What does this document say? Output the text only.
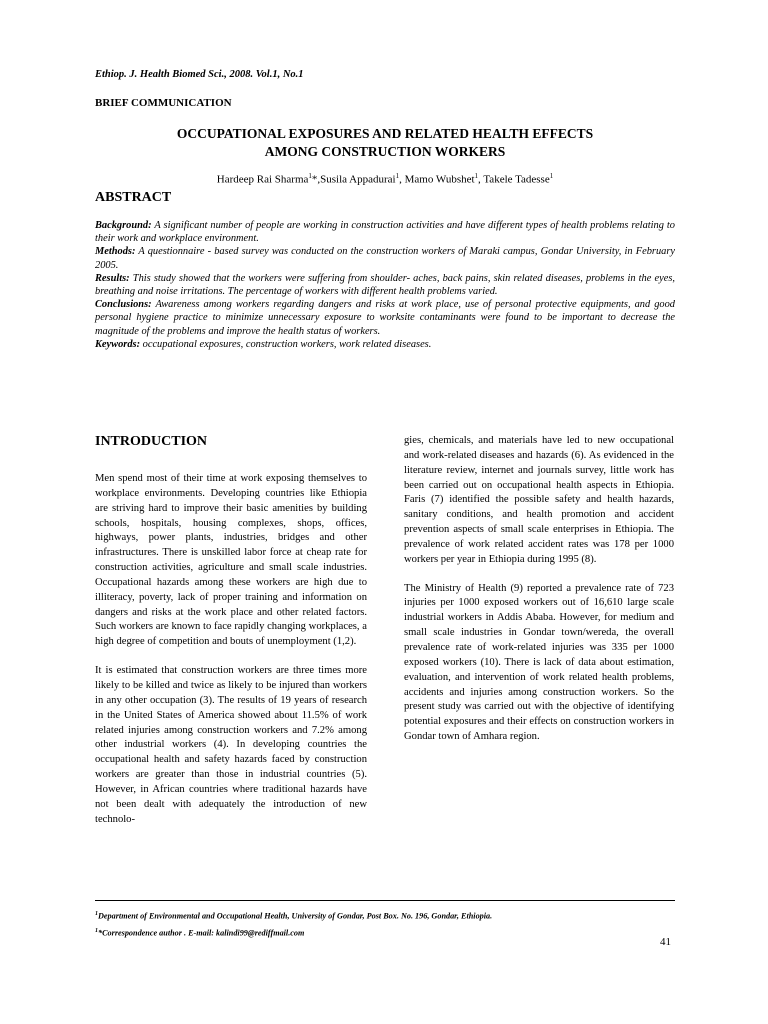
Ethiop. J. Health Biomed Sci., 2008. Vol.1, No.1
BRIEF COMMUNICATION
OCCUPATIONAL EXPOSURES AND RELATED HEALTH EFFECTS
AMONG CONSTRUCTION WORKERS
Hardeep Rai Sharma$^1$*,Susila Appadurai$^1$, Mamo Wubshet$^1$, Takele Tadesse$^1$
ABSTRACT
Background: A significant number of people are working in construction activities and have different types of health problems relating to their work and workplace environment.
Methods: A questionnaire - based survey was conducted on the construction workers of Maraki campus, Gondar University, in February 2005.
Results: This study showed that the workers were suffering from shoulder- aches, back pains, skin related diseases, problems in the eyes, breathing and noise irritations. The percentage of workers with different health problems varied.
Conclusions: Awareness among workers regarding dangers and risks at work place, use of personal protective equipments, and good personal hygiene practice to minimize unnecessary exposure to worksite contaminants were found to be important to decrease the magnitude of the problems and improve the health status of workers.
Keywords: occupational exposures, construction workers, work related diseases.
INTRODUCTION

Men spend most of their time at work exposing themselves to workplace environments. Developing countries like Ethiopia are striving hard to improve their basic amenities by building schools, hospitals, housing complexes, shops, offices, highways, power plants, industries, bridges and other infrastructures. There is unskilled labor force at cheap rate for construction activities, agriculture and small scale industries. Occupational hazards among these workers are high due to illiteracy, poverty, lack of proper training and information on dangers and risks at the work place and other related factors. Such workers are known to face rapidly changing workplaces, a high degree of competition and bouts of unemployment (1,2).

It is estimated that construction workers are three times more likely to be killed and twice as likely to be injured than workers in any other occupation (3). The results of 19 years of research in the United States of America showed about 11.5% of work related injuries among construction workers and 7.2% among other industrial workers (4). In developing countries the occupational health and safety hazards faced by construction workers are greater than those in industrial countries (5). However, in African countries where traditional hazards have not been dealt with adequately the introduction of new technolo-

gies, chemicals, and materials have led to new occupational and work-related diseases and hazards (6). As evidenced in the literature review, internet and journals survey, little work has been carried out on occupational health aspects in Ethiopia. Faris (7) identified the possible safety and health hazards, sanitary conditions, and health promotion and accident prevention aspects of small scale enterprises in Ethiopia. The prevalence of work related accident rates was 178 per 1000 workers per year in Ethiopia during 1995 (8).

The Ministry of Health (9) reported a prevalence rate of 723 injuries per 1000 exposed workers out of 16,610 large scale industrial workers in Addis Ababa. However, for medium and small scale industries in Gondar town/wereda, the overall prevalence rate of work-related injuries was 335 per 1000 exposed workers (10). There is lack of data about estimation, evaluation, and intervention of work related health problems, accidents and injuries among construction workers. So the present study was carried out with the objective of identifying potential exposures and their effects on construction workers in Gondar town of Amhara region.

$^1$Department of Environmental and Occupational Health, University of Gondar, Post Box. No. 196, Gondar, Ethiopia.
$^1$*Correspondence author . E-mail: kalindi99@rediffmail.com
41
